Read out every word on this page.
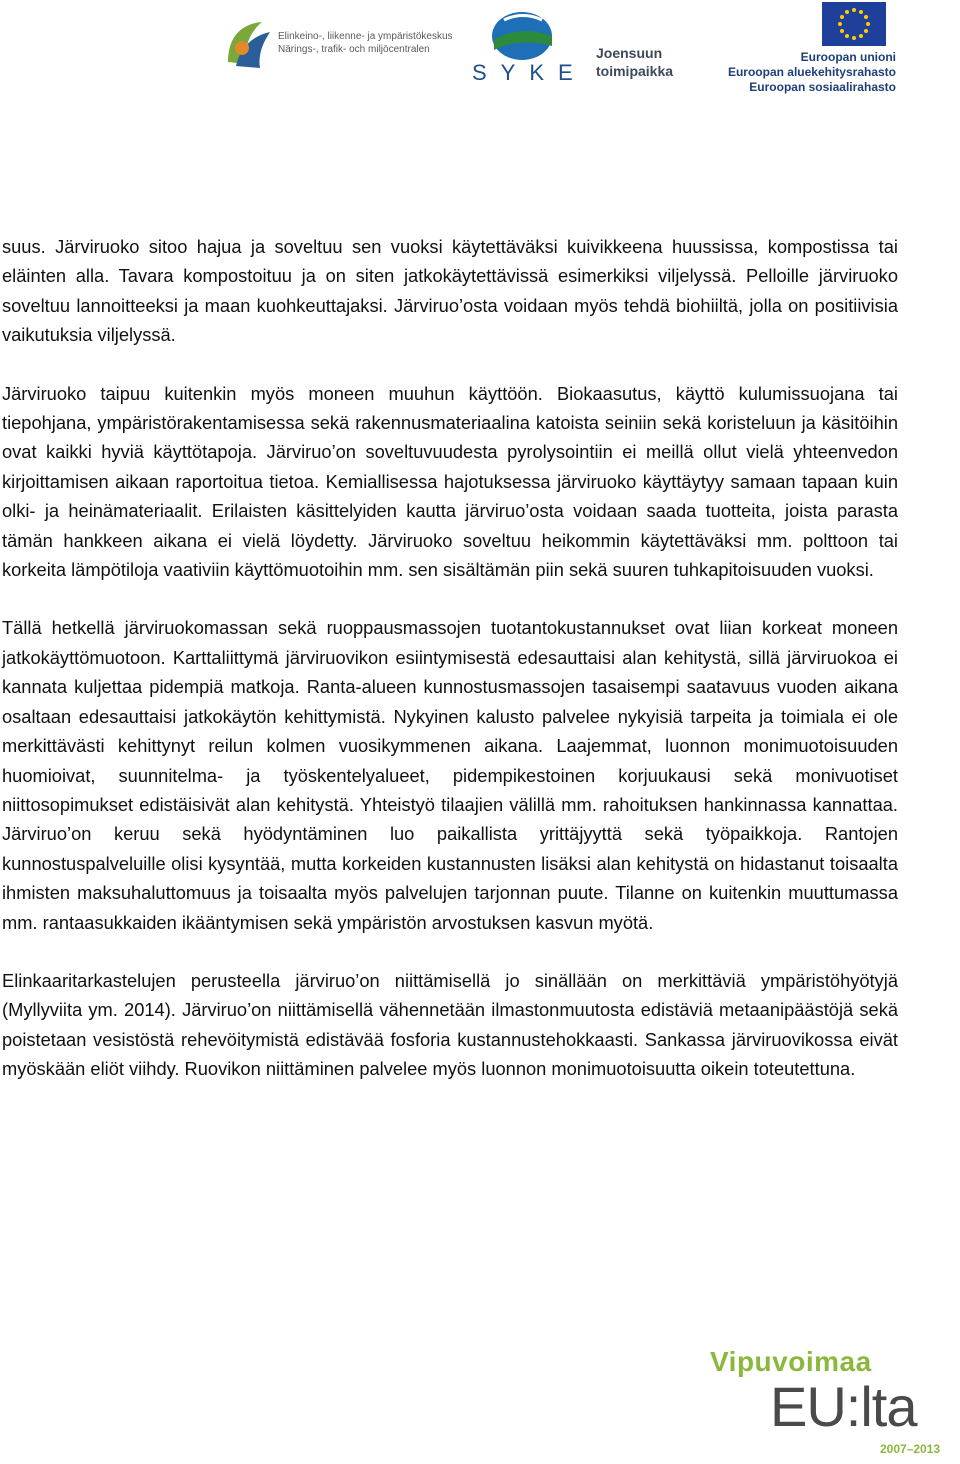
Elinkeino-, liikenne- ja ympäristökeskus
Närings-, trafik- och miljöcentralen
SYKE
Joensuun
toimipaikka
Euroopan unioni
Euroopan aluekehitysrahasto
Euroopan sosiaalirahasto

suus. Järviruoko sitoo hajua ja soveltuu sen vuoksi käytettäväksi kuivikkeena huussissa, kompostissa tai eläinten alla. Tavara kompostoituu ja on siten jatkokäytettävissä esimerkiksi viljelyssä. Pelloille järviruoko soveltuu lannoitteeksi ja maan kuohkeuttajaksi. Järviruo’osta voidaan myös tehdä biohiiltä, jolla on positiivisia vaikutuksia viljelyssä.

Järviruoko taipuu kuitenkin myös moneen muuhun käyttöön. Biokaasutus, käyttö kulumissuojana tai tiepohjana, ympäristörakentamisessa sekä rakennusmateriaalina katoista seiniin sekä koristeluun ja käsitöihin ovat kaikki hyviä käyttötapoja. Järviruo’on soveltuvuudesta pyrolysointiin ei meillä ollut vielä yhteenvedon kirjoittamisen aikaan raportoitua tietoa. Kemiallisessa hajotuksessa järviruoko käyttäytyy samaan tapaan kuin olki- ja heinämateriaalit. Erilaisten käsittelyiden kautta järviruo’osta voidaan saada tuotteita, joista parasta tämän hankkeen aikana ei vielä löydetty. Järviruoko soveltuu heikommin käytettäväksi mm. polttoon tai korkeita lämpötiloja vaativiin käyttömuotoihin mm. sen sisältämän piin sekä suuren tuhkapitoisuuden vuoksi.

Tällä hetkellä järviruokomassan sekä ruoppausmassojen tuotantokustannukset ovat liian korkeat moneen jatkokäyttömuotoon. Karttaliittymä järviruovikon esiintymisestä edesauttaisi alan kehitystä, sillä järviruokoa ei kannata kuljettaa pidempiä matkoja. Ranta-alueen kunnostusmassojen tasaisempi saatavuus vuoden aikana osaltaan edesauttaisi jatkokäytön kehittymistä. Nykyinen kalusto palvelee nykyisiä tarpeita ja toimiala ei ole merkittävästi kehittynyt reilun kolmen vuosikymmenen aikana. Laajemmat, luonnon monimuotoisuuden huomioivat, suunnitelma- ja työskentelyalueet, pidempikestoinen korjuukausi sekä monivuotiset niittosopimukset edistäisivät alan kehitystä. Yhteistyö tilaajien välillä mm. rahoituksen hankinnassa kannattaa. Järviruo’on keruu sekä hyödyntäminen luo paikallista yrittäjyyttä sekä työpaikkoja. Rantojen kunnostuspalveluille olisi kysyntää, mutta korkeiden kustannusten lisäksi alan kehitystä on hidastanut toisaalta ihmisten maksuhaluttomuus ja toisaalta myös palvelujen tarjonnan puute. Tilanne on kuitenkin muuttumassa mm. rantaasukkaiden ikääntymisen sekä ympäristön arvostuksen kasvun myötä.

Elinkaaritarkastelujen perusteella järviruo’on niittämisellä jo sinällään on merkittäviä ympäristöhyötyjä (Myllyviita ym. 2014). Järviruo’on niittämisellä vähennetään ilmastonmuutosta edistäviä metaanipäästöjä sekä poistetaan vesistöstä rehevöitymistä edistävää fosforia kustannustehokkaasti. Sankassa järviruovikossa eivät myöskään eliöt viihdy. Ruovikon niittäminen palvelee myös luonnon monimuotoisuutta oikein toteutettuna.

Vipuvoimaa
EU:lta
2007–2013
